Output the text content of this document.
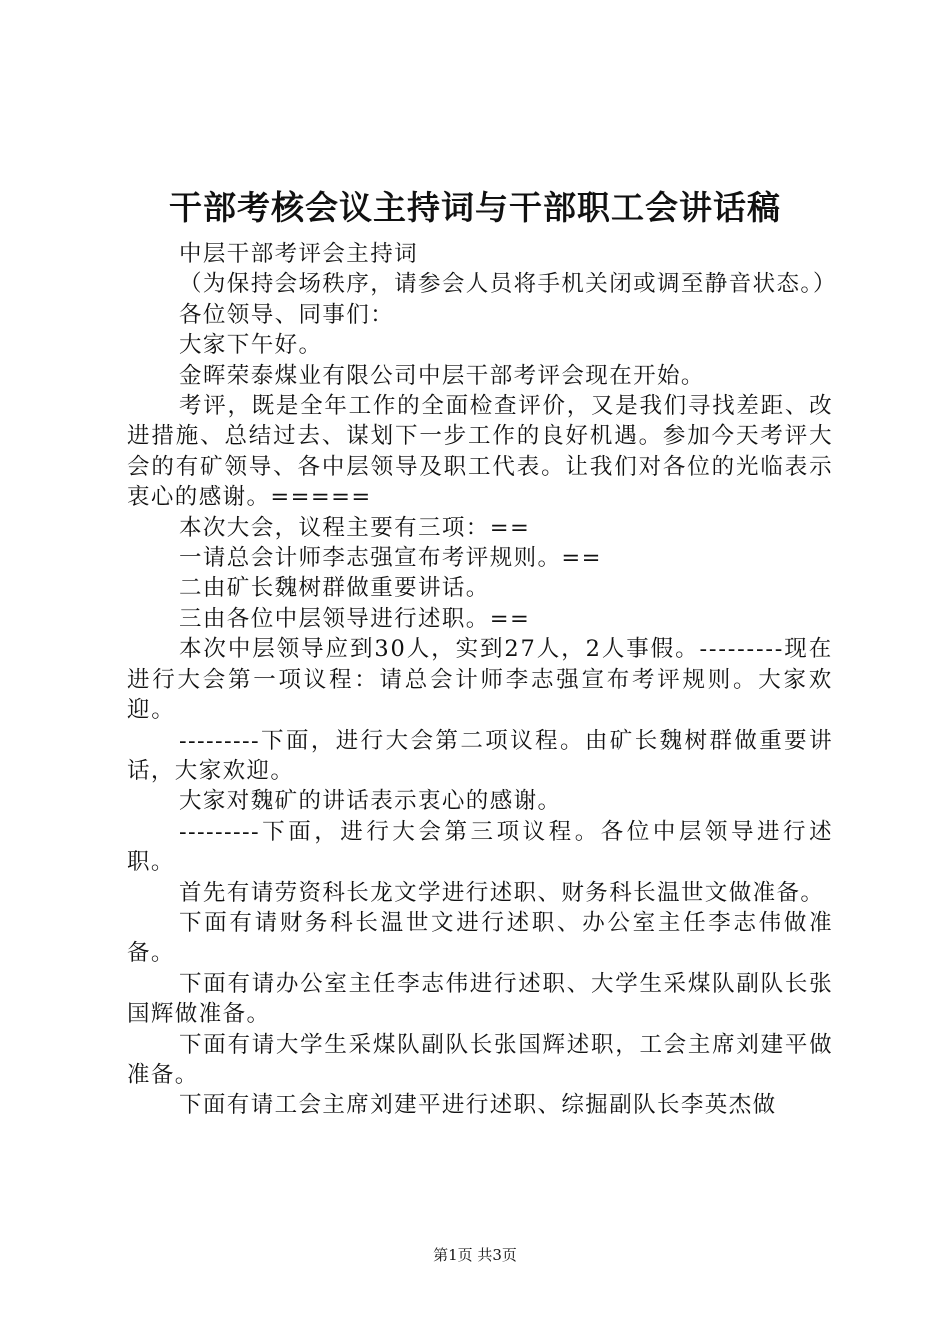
干部考核会议主持词与干部职工会讲话稿

中层干部考评会主持词

（为保持会场秩序，请参会人员将手机关闭或调至静音状态。）

各位领导、同事们：

大家下午好。

金晖荣泰煤业有限公司中层干部考评会现在开始。

考评，既是全年工作的全面检查评价，又是我们寻找差距、改进措施、总结过去、谋划下一步工作的良好机遇。参加今天考评大会的有矿领导、各中层领导及职工代表。让我们对各位的光临表示衷心的感谢。=====

本次大会，议程主要有三项：==

一请总会计师李志强宣布考评规则。==

二由矿长魏树群做重要讲话。

三由各位中层领导进行述职。==

本次中层领导应到30人，实到27人，2人事假。---------现在进行大会第一项议程：请总会计师李志强宣布考评规则。大家欢迎。

---------下面，进行大会第二项议程。由矿长魏树群做重要讲话，大家欢迎。

大家对魏矿的讲话表示衷心的感谢。

---------下面，进行大会第三项议程。各位中层领导进行述职。

首先有请劳资科长龙文学进行述职、财务科长温世文做准备。

下面有请财务科长温世文进行述职、办公室主任李志伟做准备。

下面有请办公室主任李志伟进行述职、大学生采煤队副队长张国辉做准备。

下面有请大学生采煤队副队长张国辉述职，工会主席刘建平做准备。

下面有请工会主席刘建平进行述职、综掘副队长李英杰做

第1页 共3页
